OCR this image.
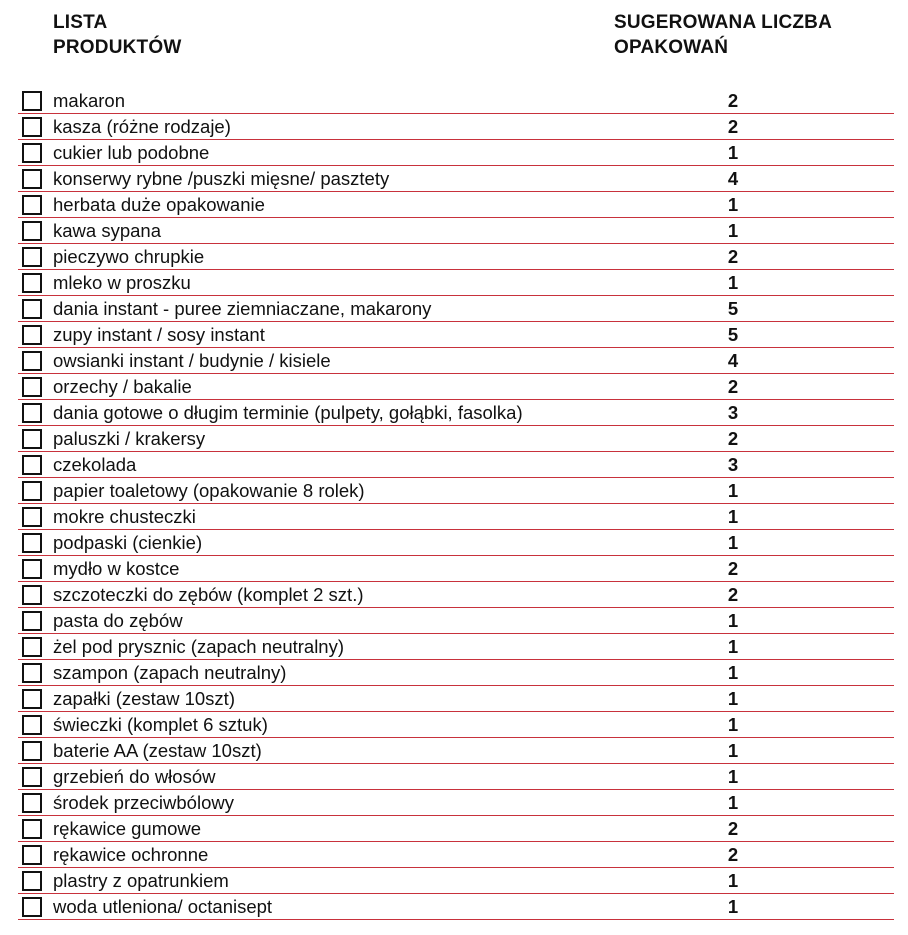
LISTA
PRODUKTÓW
SUGEROWANA LICZBA
OPAKOWAŃ
makaron	2
kasza (różne rodzaje)	2
cukier lub podobne	1
konserwy rybne /puszki mięsne/ pasztety	4
herbata duże opakowanie	1
kawa sypana	1
pieczywo chrupkie	2
mleko w proszku	1
dania instant - puree ziemniaczane, makarony	5
zupy instant / sosy instant	5
owsianki instant / budynie / kisiele	4
orzechy / bakalie	2
dania gotowe o długim terminie (pulpety, gołąbki, fasolka)	3
paluszki / krakersy	2
czekolada	3
papier toaletowy (opakowanie 8 rolek)	1
mokre chusteczki	1
podpaski (cienkie)	1
mydło w kostce	2
szczoteczki do zębów (komplet 2 szt.)	2
pasta do zębów	1
żel pod prysznic (zapach neutralny)	1
szampon (zapach neutralny)	1
zapałki (zestaw 10szt)	1
świeczki (komplet 6 sztuk)	1
baterie AA (zestaw 10szt)	1
grzebień do włosów	1
środek przeciwbólowy	1
rękawice gumowe	2
rękawice ochronne	2
plastry z opatrunkiem	1
woda utleniona/ octanisept	1
